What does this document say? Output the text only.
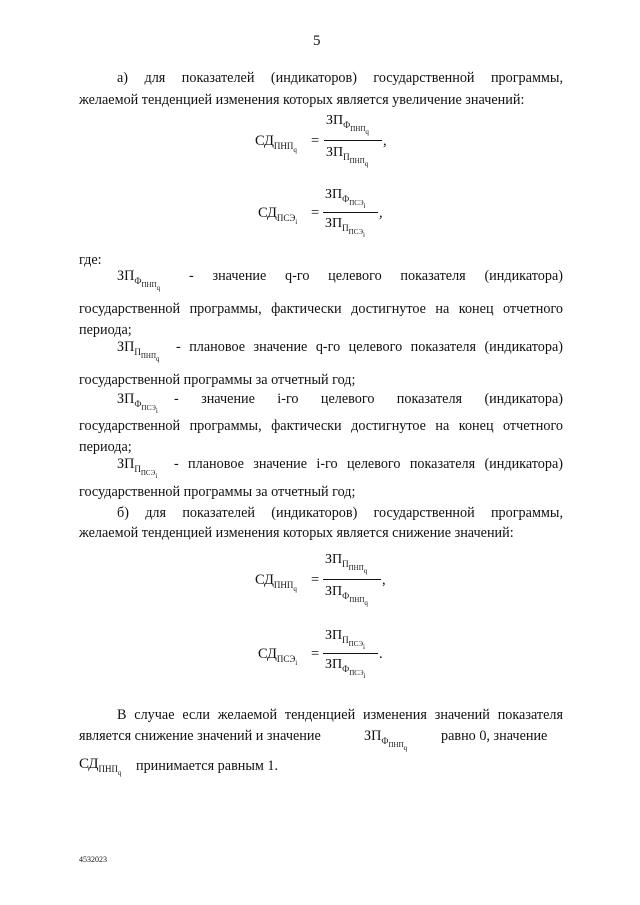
5
а) для показателей (индикаторов) государственной программы,
желаемой тенденцией изменения которых является увеличение значений:
$СД_{ПНП_q}$
=
$ЗП_{Ф_{ПНП_q}}$
$ЗП_{П_{ПНП_q}}$
,
$СД_{ПСЭ_i}$
=
$ЗП_{Ф_{ПСЭ_i}}$
$ЗП_{П_{ПСЭ_i}}$
,
где:
$ЗП_{Ф_{ПНП_q}}$
- значение q-го целевого показателя (индикатора)
государственной программы, фактически достигнутое на конец отчетного
периода;
$ЗП_{П_{ПНП_q}}$
- плановое значение q-го целевого показателя (индикатора)
государственной программы за отчетный год;
$ЗП_{Ф_{ПСЭ_i}}$
- значение i-го целевого показателя (индикатора)
государственной программы, фактически достигнутое на конец отчетного
периода;
$ЗП_{П_{ПСЭ_i}}$
- плановое значение i-го целевого показателя (индикатора)
государственной программы за отчетный год;
б) для показателей (индикаторов) государственной программы,
желаемой тенденцией изменения которых является снижение значений:
$СД_{ПНП_q}$
=
$ЗП_{П_{ПНП_q}}$
$ЗП_{Ф_{ПНП_q}}$
,
$СД_{ПСЭ_i}$
=
$ЗП_{П_{ПСЭ_i}}$
$ЗП_{Ф_{ПСЭ_i}}$
.
В случае если желаемой тенденцией изменения значений показателя
является снижение значений и значение	$ЗП_{Ф_{ПНП_q}}$
равно 0, значение
$СД_{ПНП_q}$ принимается равным 1.
4532023
